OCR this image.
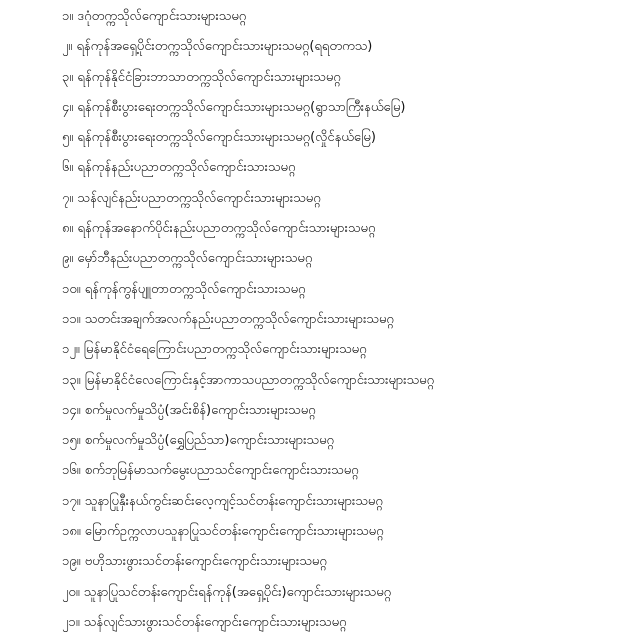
၁။ ဒဂုံတက္ကသိုလ်ကျောင်းသားများသမဂ္ဂ
၂။ ရန်ကုန်အရှေ့ပိုင်းတက္ကသိုလ်ကျောင်းသားများသမဂ္ဂ(ရရတကသ)
၃။ ရန်ကုန်နိုင်ငံခြားဘာသာတက္ကသိုလ်ကျောင်းသားများသမဂ္ဂ
၄။ ရန်ကုန်စီးပွားရေးတက္ကသိုလ်ကျောင်းသားများသမဂ္ဂ(ရွာသာကြီးနယ်မြေ)
၅။ ရန်ကုန်စီးပွားရေးတက္ကသိုလ်ကျောင်းသားများသမဂ္ဂ(လှိုင်နယ်မြေ)
၆။ ရန်ကုန်နည်းပညာတက္ကသိုလ်ကျောင်းသားသမဂ္ဂ
၇။ သန်လျင်နည်းပညာတက္ကသိုလ်ကျောင်းသားများသမဂ္ဂ
၈။ ရန်ကုန်အနောက်ပိုင်းနည်းပညာတက္ကသိုလ်ကျောင်းသားများသမဂ္ဂ
၉။ မှော်ဘီနည်းပညာတက္ကသိုလ်ကျောင်းသားများသမဂ္ဂ
၁၀။ ရန်ကုန်ကွန်ပျူတာတက္ကသိုလ်ကျောင်းသားသမဂ္ဂ
၁၁။ သတင်းအချက်အလက်နည်းပညာတက္ကသိုလ်ကျောင်းသားများသမဂ္ဂ
၁၂။ မြန်မာနိုင်ငံရေကြောင်းပညာတက္ကသိုလ်ကျောင်းသားများသမဂ္ဂ
၁၃။ မြန်မာနိုင်ငံလေကြောင်းနှင့်အာကာသပညာတက္ကသိုလ်ကျောင်းသားများသမဂ္ဂ
၁၄။ စက်မှုလက်မှုသိပ္ပံ(အင်းစိန်)ကျောင်းသားများသမဂ္ဂ
၁၅။ စက်မှုလက်မှုသိပ္ပံ(ရွှေပြည်သာ)ကျောင်းသားများသမဂ္ဂ
၁၆။ စက်ဘုမြန်မာသက်မွေးပညာသင်ကျောင်းကျောင်းသားသမဂ္ဂ
၁၇။ သူနာပြုနှီးနယ်ကွင်းဆင်းလေ့ကျင့်သင်တန်းကျောင်းသားများသမဂ္ဂ
၁၈။ မြောက်ဥက္ကလာပသူနာပြုသင်တန်းကျောင်းကျောင်းသားများသမဂ္ဂ
၁၉။ ဗဟိုသားဖွားသင်တန်းကျောင်းကျောင်းသားများသမဂ္ဂ
၂၀။ သူနာပြုသင်တန်းကျောင်းရန်ကုန်(အရှေ့ပိုင်း)ကျောင်းသားများသမဂ္ဂ
၂၁။ သန်လျင်သားဖွားသင်တန်းကျောင်းကျောင်းသားများသမဂ္ဂ
